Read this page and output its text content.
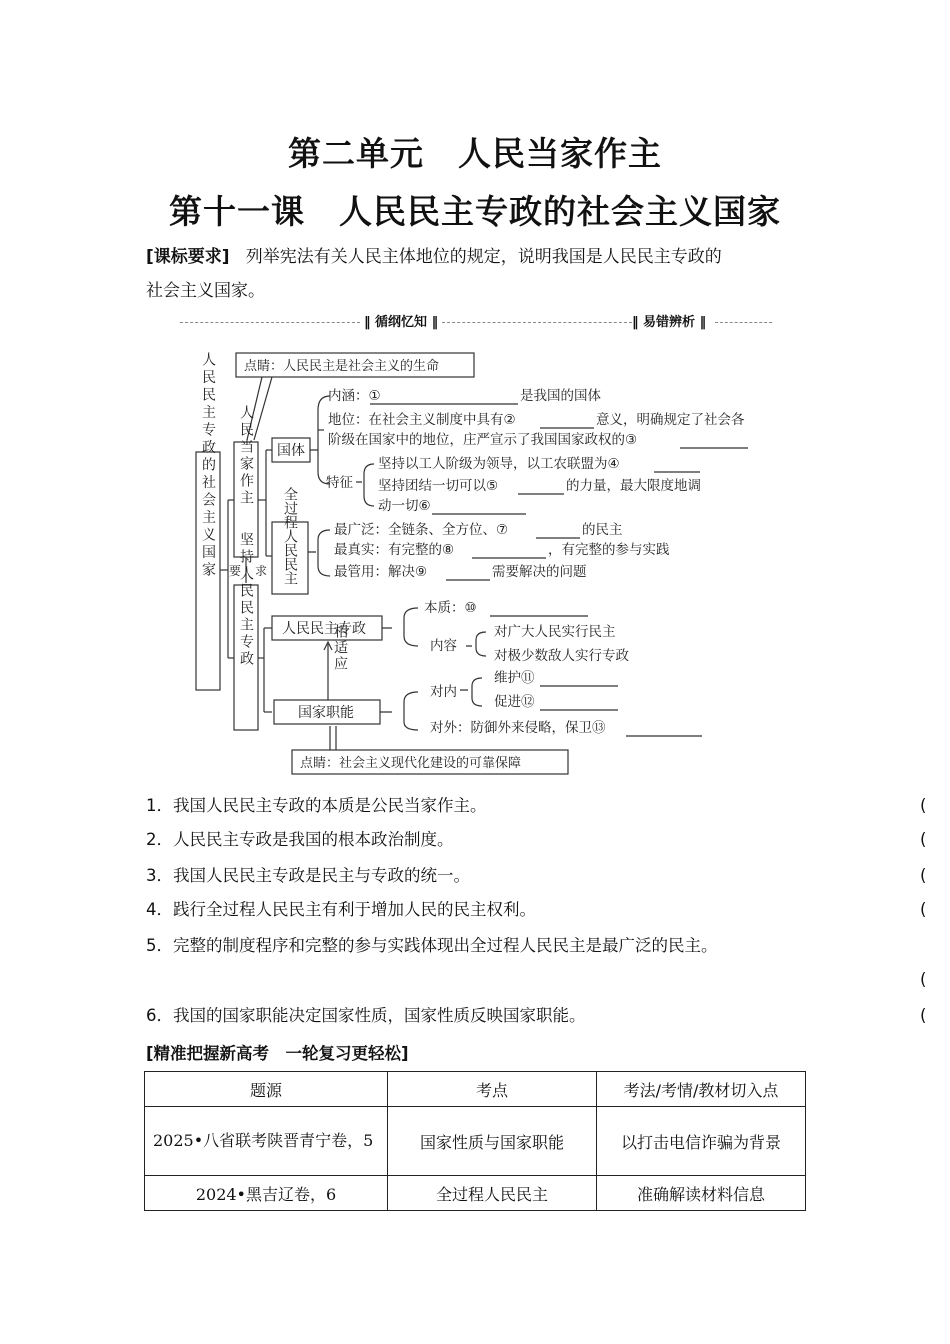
第二单元　人民当家作主
第十一课　人民民主专政的社会主义国家
[课标要求] 列举宪法有关人民主体地位的规定，说明我国是人民民主专政的
社会主义国家。
‖ 循纲忆知 ‖	‖ 易错辨析 ‖
人民民主专政的社会主义国家 人民当家作主
坚持人民民主专政	相适应
要 求
点睛：人民民主是社会主义的生命
点睛：社会主义现代化建设的可靠保障
国体
人民民主专政
国家职能
全过程人民民主
内涵：①	是我国的国体
地位：在社会主义制度中具有②	意义，明确规定了社会各
阶级在国家中的地位，庄严宣示了我国国家政权的③
特征
坚持以工人阶级为领导，以工农联盟为④
坚持团结一切可以⑤	的力量，最大限度地调
动一切⑥
最广泛：全链条、全方位、⑦	的民主
最真实：有完整的⑧	，有完整的参与实践
最管用：解决⑨	需要解决的问题
本质：⑩
内容
对广大人民实行民主
对极少数敌人实行专政
对内
维护⑪
促进⑫
对外：防御外来侵略，保卫⑬
1．我国人民民主专政的本质是公民当家作主。	(
2．人民民主专政是我国的根本政治制度。	(
3．我国人民民主专政是民主与专政的统一。	(
4．践行全过程人民民主有利于增加人民的民主权利。	(
5．完整的制度程序和完整的参与实践体现出全过程人民民主是最广泛的民主。
(
6．我国的国家职能决定国家性质，国家性质反映国家职能。	(
[精准把握新高考　一轮复习更轻松]
题源	考点	考法/考情/教材切入点
2025•八省联考陕晋青宁卷，5	国家性质与国家职能	以打击电信诈骗为背景
2024•黑吉辽卷，6	全过程人民民主	准确解读材料信息
